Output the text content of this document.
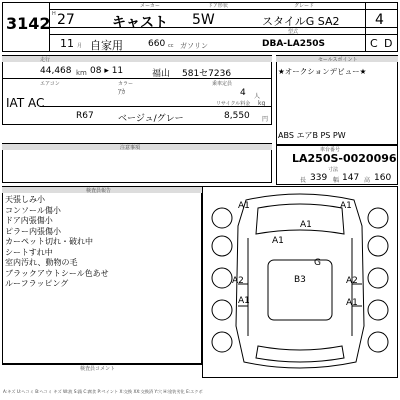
3142 H 27
メーカー
キャスト
ドア形状
5W
グレード
スタイルG SA2	4
11 月 自家用	660 cc ガソリン
型式
DBA-LA250S	C D
走行
44,468 km 08 ▸ 11	福山 581セ7236
エアコン	カラー
ｱｶ
乗車定員
4 人
kg
IAT AC
R67	ベージュ/グレー
リサイクル料金
8,550 円
セールスポイント
★オークションデビュー★
ABS エアB PS PW
注意事項	車台番号
LA250S-0020096
寸法
長 339 幅 147 高 160
検査員報告
天張しみ小
コンソール傷小
ドア内張傷小
ピラー内張傷小
カーペット切れ・破れ中
シートすれ中
室内汚れ、動物の毛
ブラックアウトシール色あせ
ルーフラッピング
検査員コメント
A1	A1
A1
A1
G
A2	B3	A2
A1	A1
A:キズ U:ヘコミ B:ヘコミ キズ W:波 S:錆 C:腐食 P:ペイント X:交換 XX:交換済 Y:穴 H:塗装劣化 E:エクボ
